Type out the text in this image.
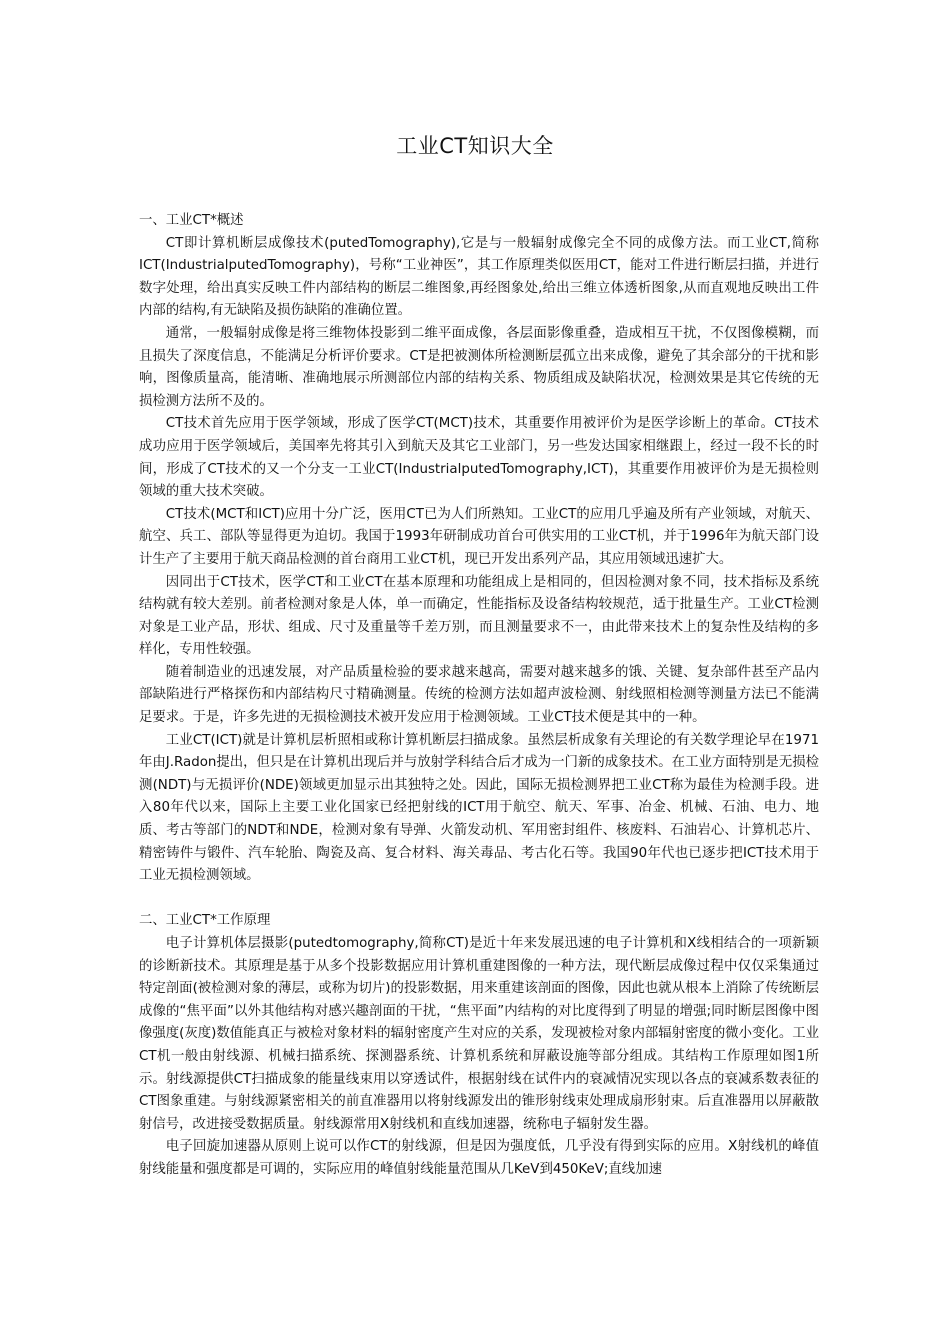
工业CT知识大全
一、工业CT*概述

CT即计算机断层成像技术(putedTomography),它是与一般辐射成像完全不同的成像方法。而工业CT,简称ICT(IndustrialputedTomography)，号称“工业神医”，其工作原理类似医用CT，能对工件进行断层扫描，并进行数字处理，给出真实反映工件内部结构的断层二维图象,再经图象处,给出三维立体透析图象,从而直观地反映出工件内部的结构,有无缺陷及损伤缺陷的准确位置。

通常，一般辐射成像是将三维物体投影到二维平面成像，各层面影像重叠，造成相互干扰，不仅图像模糊，而且损失了深度信息，不能满足分析评价要求。CT是把被测体所检测断层孤立出来成像，避免了其余部分的干扰和影响，图像质量高，能清晰、准确地展示所测部位内部的结构关系、物质组成及缺陷状况，检测效果是其它传统的无损检测方法所不及的。

CT技术首先应用于医学领域，形成了医学CT(MCT)技术，其重要作用被评价为是医学诊断上的革命。CT技术成功应用于医学领域后，美国率先将其引入到航天及其它工业部门，另一些发达国家相继跟上，经过一段不长的时间，形成了CT技术的又一个分支一工业CT(IndustrialputedTomography,ICT)，其重要作用被评价为是无损检则领域的重大技术突破。

CT技术(MCT和ICT)应用十分广泛，医用CT已为人们所熟知。工业CT的应用几乎遍及所有产业领域，对航天、航空、兵工、部队等显得更为迫切。我国于1993年研制成功首台可供实用的工业CT机，并于1996年为航天部门设计生产了主要用于航天商品检测的首台商用工业CT机，现已开发出系列产品，其应用领域迅速扩大。

因同出于CT技术，医学CT和工业CT在基本原理和功能组成上是相同的，但因检测对象不同，技术指标及系统结构就有较大差别。前者检测对象是人体，单一而确定，性能指标及设备结构较规范，适于批量生产。工业CT检测对象是工业产品，形状、组成、尺寸及重量等千差万别，而且测量要求不一，由此带来技术上的复杂性及结构的多样化，专用性较强。

随着制造业的迅速发展，对产品质量检验的要求越来越高，需要对越来越多的饿、关键、复杂部件甚至产品内部缺陷进行严格探伤和内部结构尺寸精确测量。传统的检测方法如超声波检测、射线照相检测等测量方法已不能满足要求。于是，许多先进的无损检测技术被开发应用于检测领域。工业CT技术便是其中的一种。

工业CT(ICT)就是计算机层析照相或称计算机断层扫描成象。虽然层析成象有关理论的有关数学理论早在1971年由J.Radon提出，但只是在计算机出现后并与放射学科结合后才成为一门新的成象技术。在工业方面特别是无损检测(NDT)与无损评价(NDE)领域更加显示出其独特之处。因此，国际无损检测界把工业CT称为最佳为检测手段。进入80年代以来，国际上主要工业化国家已经把射线的ICT用于航空、航天、军事、冶金、机械、石油、电力、地质、考古等部门的NDT和NDE，检测对象有导弹、火箭发动机、军用密封组件、核废料、石油岩心、计算机芯片、精密铸件与锻件、汽车轮胎、陶瓷及高、复合材料、海关毒品、考古化石等。我国90年代也已逐步把ICT技术用于工业无损检测领域。

二、工业CT*工作原理

电子计算机体层摄影(putedtomography,简称CT)是近十年来发展迅速的电子计算机和X线相结合的一项新颖的诊断新技术。其原理是基于从多个投影数据应用计算机重建图像的一种方法，现代断层成像过程中仅仅采集通过特定剖面(被检测对象的薄层，或称为切片)的投影数据，用来重建该剖面的图像，因此也就从根本上消除了传统断层成像的“焦平面”以外其他结构对感兴趣剖面的干扰，“焦平面”内结构的对比度得到了明显的增强;同时断层图像中图像强度(灰度)数值能真正与被检对象材料的辐射密度产生对应的关系，发现被检对象内部辐射密度的微小变化。工业CT机一般由射线源、机械扫描系统、探测器系统、计算机系统和屏蔽设施等部分组成。其结构工作原理如图1所示。射线源提供CT扫描成象的能量线束用以穿透试件，根据射线在试件内的衰减情况实现以各点的衰减系数表征的CT图象重建。与射线源紧密相关的前直准器用以将射线源发出的锥形射线束处理成扇形射束。后直准器用以屏蔽散射信号，改进接受数据质量。射线源常用X射线机和直线加速器，统称电子辐射发生器。

电子回旋加速器从原则上说可以作CT的射线源，但是因为强度低，几乎没有得到实际的应用。X射线机的峰值射线能量和强度都是可调的，实际应用的峰值射线能量范围从几KeV到450KeV;直线加速
